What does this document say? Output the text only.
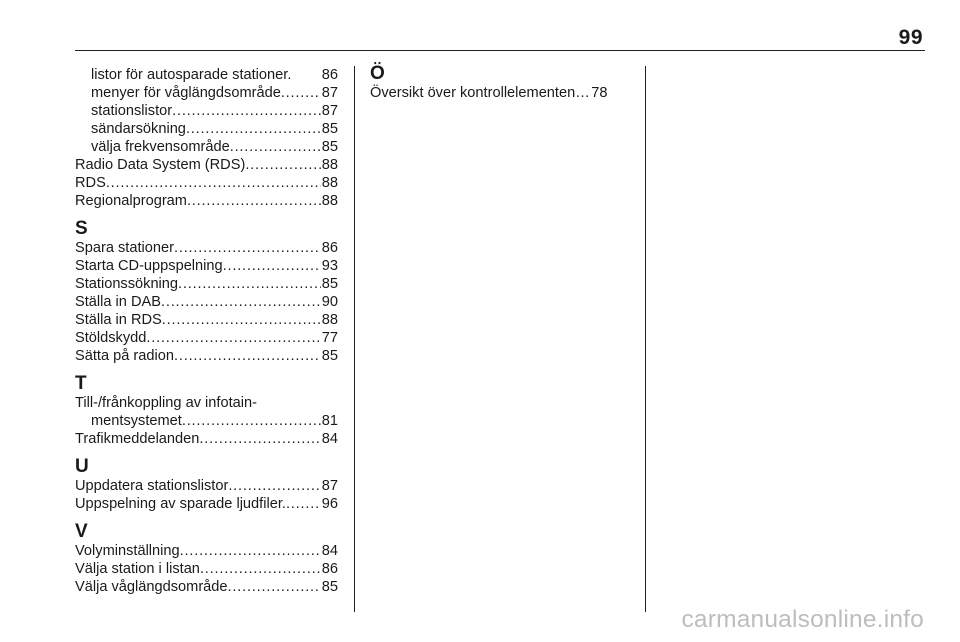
99
listor för autosparade stationer. 86
menyer för våglängdsområde .....	87
stationslistor .....	87
sändarsökning .....	85
välja frekvensområde .....	85
Radio Data System (RDS) .....	88
RDS .....	88
Regionalprogram .....	88
S
Spara stationer .....	86
Starta CD-uppspelning .....	93
Stationssökning .....	85
Ställa in DAB .....	90
Ställa in RDS .....	88
Stöldskydd .....	77
Sätta på radion .....	85
T
Till-/frånkoppling av infotain-
mentsystemet .....	81
Trafikmeddelanden .....	84
U
Uppdatera stationslistor .....	87
Uppspelning av sparade ljudfiler. ..... 96
V
Volyminställning .....	84
Välja station i listan .....	86
Välja våglängdsområde .....	85
Ö
Översikt över kontrollelementen … 78
carmanualsonline.info
